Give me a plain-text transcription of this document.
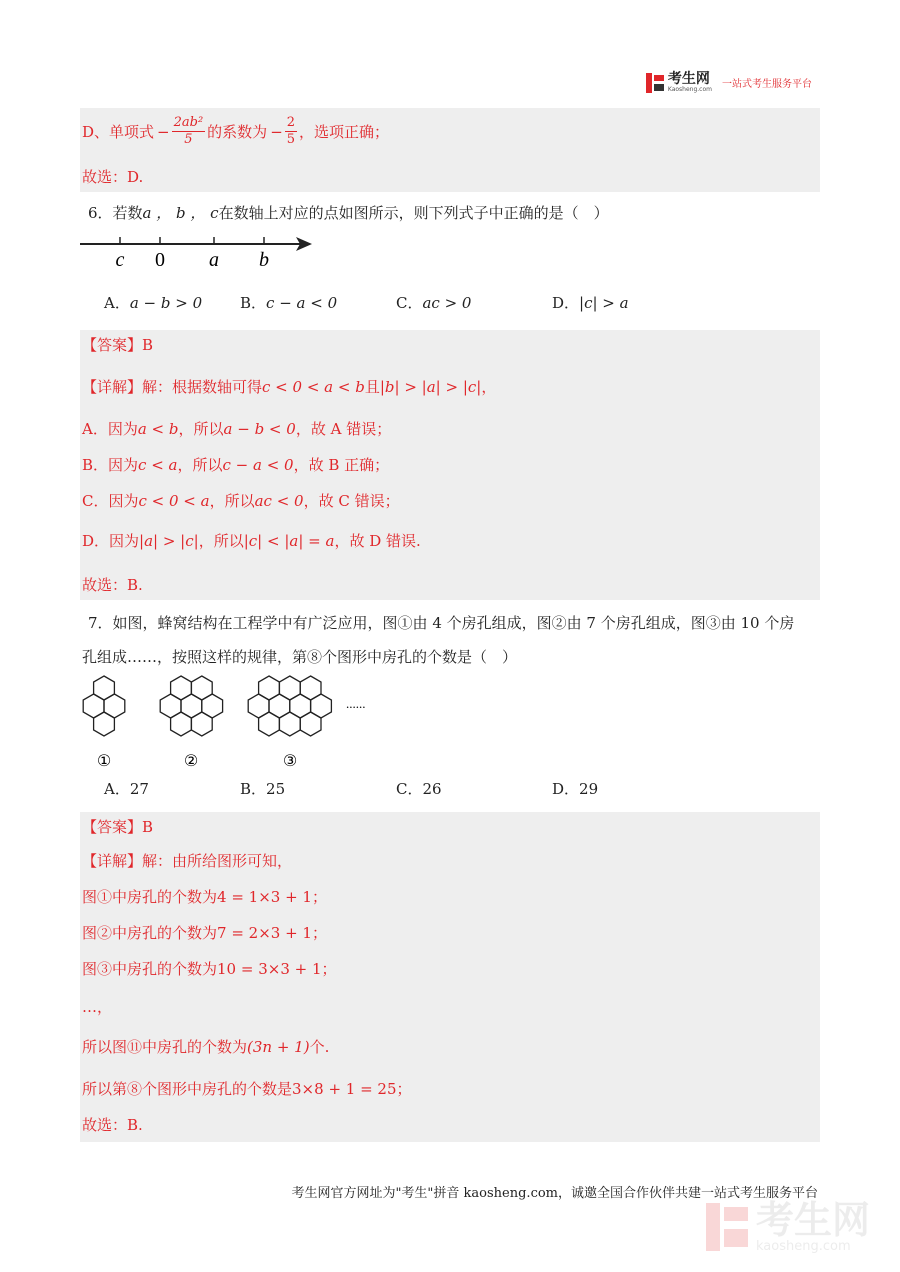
考生网
Kaosheng.com 一站式考生服务平台
D、单项式 − $\frac{\text{2ab²}}{5}$ 的系数为 − $\frac{2}{5}$ ，选项正确；
故选：D.
6．若数a ， b ， c在数轴上对应的点如图所示，则下列式子中正确的是（　）
c 0 a b
A．a − b > 0	B．c − a < 0	C．ac > 0	D．|c| > a
【答案】B
【详解】解：根据数轴可得c < 0 < a < b且|b| > |a| > |c|，
A．因为a < b，所以a − b < 0，故 A 错误；
B．因为c < a，所以c − a < 0，故 B 正确；
C．因为c < 0 < a，所以ac < 0，故 C 错误；
D．因为|a| > |c|，所以|c| < |a| = a，故 D 错误.
故选：B.
7．如图，蜂窝结构在工程学中有广泛应用，图①由 4 个房孔组成，图②由 7 个房孔组成，图③由 10 个房
孔组成……，按照这样的规律，第⑧个图形中房孔的个数是（　）
......
①	②	③
A．27	B．25	C．26	D．29
【答案】B
【详解】解：由所给图形可知，
图①中房孔的个数为4 = 1×3 + 1；
图②中房孔的个数为7 = 2×3 + 1；
图③中房孔的个数为10 = 3×3 + 1；
…，
所以图⑪中房孔的个数为(3n + 1)个.
所以第⑧个图形中房孔的个数是3×8 + 1 = 25；
故选：B.
考生网官方网址为"考生"拼音 kaosheng.com，诚邀全国合作伙伴共建一站式考生服务平台
考生网
kaosheng.com
